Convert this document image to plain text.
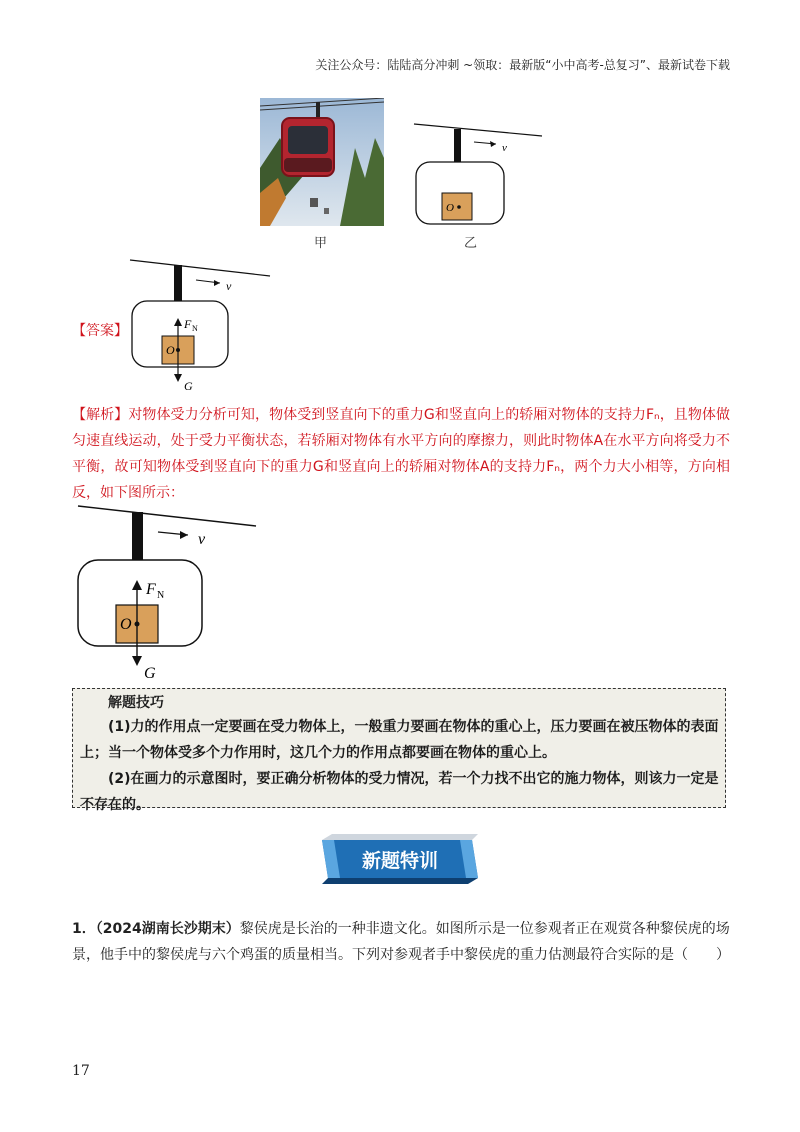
关注公众号：陆陆高分冲刺 ~领取：最新版“小中高考-总复习”、最新试卷下载
甲
v
O
乙
【答案】
v
O
F N
G
【解析】对物体受力分析可知，物体受到竖直向下的重力G和竖直向上的轿厢对物体的支持力Fₙ，且物体做匀速直线运动，处于受力平衡状态，若轿厢对物体有水平方向的摩擦力，则此时物体A在水平方向将受力不平衡，故可知物体受到竖直向下的重力G和竖直向上的轿厢对物体A的支持力Fₙ，两个力大小相等，方向相反，如下图所示：
v
O
F N
G
解题技巧
(1)力的作用点一定要画在受力物体上，一般重力要画在物体的重心上，压力要画在被压物体的表面上；当一个物体受多个力作用时，这几个力的作用点都要画在物体的重心上。
(2)在画力的示意图时，要正确分析物体的受力情况，若一个力找不出它的施力物体，则该力一定是不存在的。
新题特训
1．（2024湖南长沙期末）黎侯虎是长治的一种非遗文化。如图所示是一位参观者正在观赏各种黎侯虎的场景，他手中的黎侯虎与六个鸡蛋的质量相当。下列对参观者手中黎侯虎的重力估测最符合实际的是（　　）
17
